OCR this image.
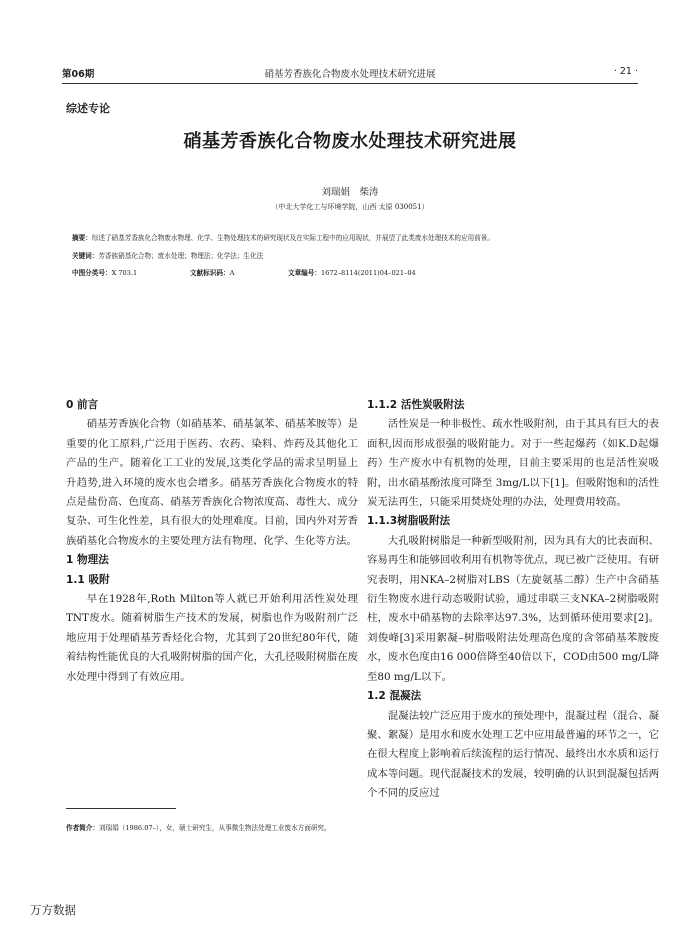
第06期	硝基芳香族化合物废水处理技术研究进展	· 21 ·
综述专论
硝基芳香族化合物废水处理技术研究进展
刘瑞娟　柴涛
（中北大学化工与环境学院，山西 太原 030051）
摘要：综述了硝基芳香族化合物废水物理、化学、生物处理技术的研究现状及在实际工程中的应用现状，并展望了此类废水处理技术的应用前景。
关键词：芳香族硝基化合物；废水处理；物理法；化学法；生化法
中图分类号：X 703.1	文献标识码：A	文章编号：1672–8114(2011)04–021–04
0 前言

硝基芳香族化合物（如硝基苯、硝基氯苯、硝基苯胺等）是重要的化工原料,广泛用于医药、农药、染料、炸药及其他化工产品的生产。随着化工工业的发展,这类化学品的需求呈明显上升趋势,进入环境的废水也会增多。硝基芳香族化合物废水的特点是盐份高、色度高、硝基芳香族化合物浓度高、毒性大、成分复杂、可生化性差，具有很大的处理难度。目前，国内外对芳香族硝基化合物废水的主要处理方法有物理、化学、生化等方法。

1 物理法
1.1 吸附

早在1928年,Roth Milton等人就已开始利用活性炭处理TNT废水。随着树脂生产技术的发展，树脂也作为吸附剂广泛地应用于处理硝基芳香烃化合物，尤其到了20世纪80年代，随着结构性能优良的大孔吸附树脂的国产化，大孔径吸附树脂在废水处理中得到了有效应用。

1.1.2 活性炭吸附法

活性炭是一种非极性、疏水性吸附剂，由于其具有巨大的表面积,因而形成很强的吸附能力。对于一些起爆药（如K.D起爆药）生产废水中有机物的处理，目前主要采用的也是活性炭吸附，出水硝基酚浓度可降至 3mg/L以下[1]。但吸附饱和的活性炭无法再生，只能采用焚烧处理的办法，处理费用较高。

1.1.3树脂吸附法

大孔吸附树脂是一种新型吸附剂，因为具有大的比表面积、容易再生和能够回收利用有机物等优点，现已被广泛使用。有研究表明，用NKA–2树脂对LBS（左旋氨基二醇）生产中含硝基衍生物废水进行动态吸附试验，通过串联三支NKA–2树脂吸附柱，废水中硝基物的去除率达97.3%，达到循环使用要求[2]。刘俊峰[3]采用絮凝–树脂吸附法处理高色度的含邻硝基苯胺废水，废水色度由16 000倍降至40倍以下，COD由500 mg/L降至80 mg/L以下。

1.2 混凝法

混凝法较广泛应用于废水的预处理中，混凝过程（混合、凝聚、絮凝）是用水和废水处理工艺中应用最普遍的环节之一，它在很大程度上影响着后续流程的运行情况、最终出水水质和运行成本等问题。现代混凝技术的发展，较明确的认识到混凝包括两个不同的反应过

作者简介：刘瑞娟（1986.07–），女，硕士研究生，从事微生物法处理工业废水方面研究。
万方数据
